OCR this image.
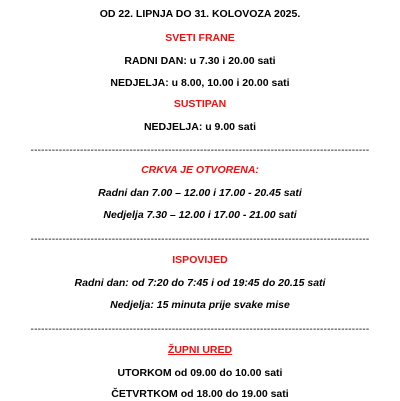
OD 22. LIPNJA DO 31. KOLOVOZA 2025.
SVETI FRANE
RADNI DAN: u 7.30 i 20.00 sati
NEDJELJA: u 8.00, 10.00 i 20.00 sati
SUSTIPAN
NEDJELJA: u 9.00 sati
------------------------------------------------------------------------------------------------
CRKVA JE OTVORENA:
Radni dan 7.00 – 12.00 i 17.00 - 20.45 sati
Nedjelja 7.30 – 12.00 i 17.00 - 21.00 sati
------------------------------------------------------------------------------------------------
ISPOVIJED
Radni dan: od 7:20 do 7:45 i od 19:45 do 20.15 sati
Nedjelja: 15 minuta prije svake mise
------------------------------------------------------------------------------------------------
ŽUPNI URED
UTORKOM od 09.00 do 10.00 sati
ČETVRTKOM od 18.00 do 19.00 sati
